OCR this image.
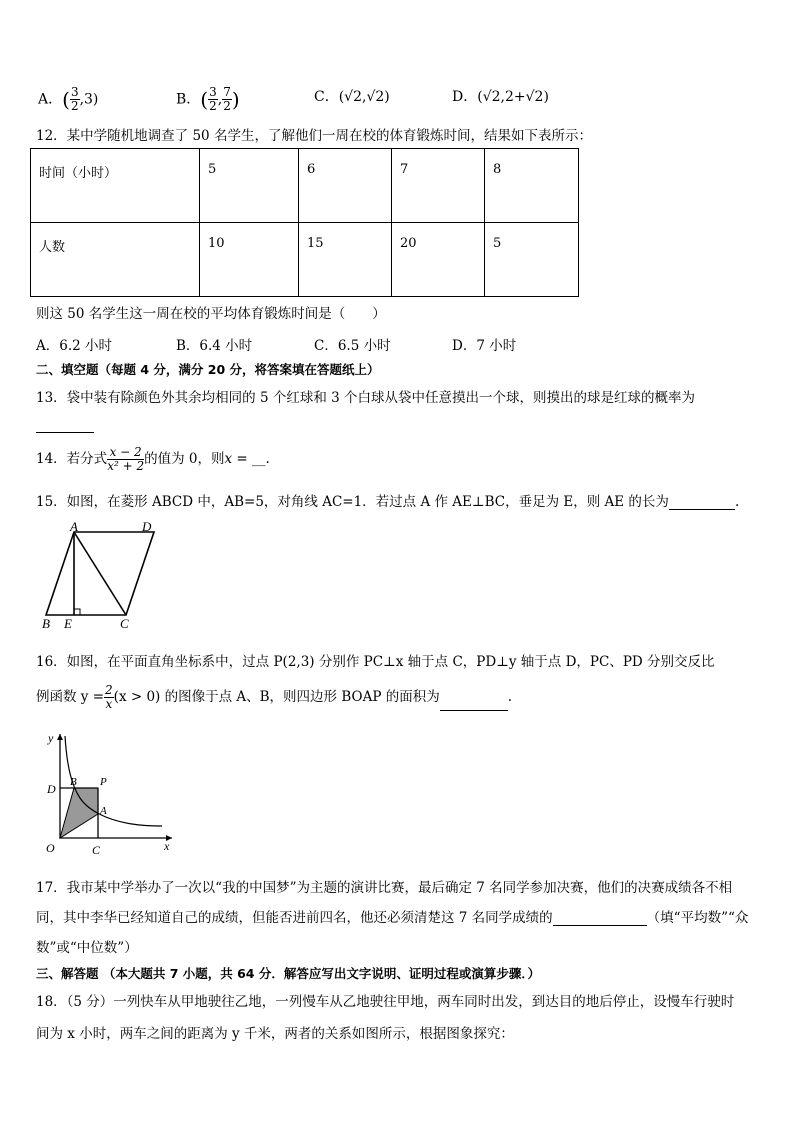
A．( $\frac{3}{2} ,3$)	B．( $\frac{3}{2}$ , $\frac{7}{2}$ )	C．(√2,√2)	D．(√2,2+√2)
12．某中学随机地调查了 50 名学生，了解他们一周在校的体育锻炼时间，结果如下表所示：
时间（小时）	5	6	7	8
人数	10	15	20	5
则这 50 名学生这一周在校的平均体育锻炼时间是（　　）
A．6.2 小时	B．6.4 小时	C．6.5 小时	D．7 小时
二、填空题（每题 4 分，满分 20 分，将答案填在答题纸上）
13．袋中装有除颜色外其余均相同的 5 个红球和 3 个白球从袋中任意摸出一个球，则摸出的球是红球的概率为
14．若分式 $\frac{x - 2}{\text{x² + 2}}$ 的值为 0，则x = __.
15．如图，在菱形 ABCD 中，AB=5，对角线 AC=1．若过点 A 作 AE⊥BC，垂足为 E，则 AE 的长为	.
A	D
B E	C
16．如图，在平面直角坐标系中，过点 P(2,3) 分别作 PC⊥x 轴于点 C，PD⊥y 轴于点 D，PC、PD 分别交反比
例函数 $y = \frac{2}{x} (x > 0)$ 的图像于点 A、B，则四边形 BOAP 的面积为	.
y
x
O
D B P
A
C
17．我市某中学举办了一次以“我的中国梦”为主题的演讲比赛，最后确定 7 名同学参加决赛，他们的决赛成绩各不相
同，其中李华已经知道自己的成绩，但能否进前四名，他还必须清楚这 7 名同学成绩的	（填“平均数”“众
数”或“中位数”）
三、解答题 （本大题共 7 小题，共 64 分．解答应写出文字说明、证明过程或演算步骤．）
18．（5 分）一列快车从甲地驶往乙地，一列慢车从乙地驶往甲地，两车同时出发，到达目的地后停止，设慢车行驶时
间为 x 小时，两车之间的距离为 y 千米，两者的关系如图所示，根据图象探究：
